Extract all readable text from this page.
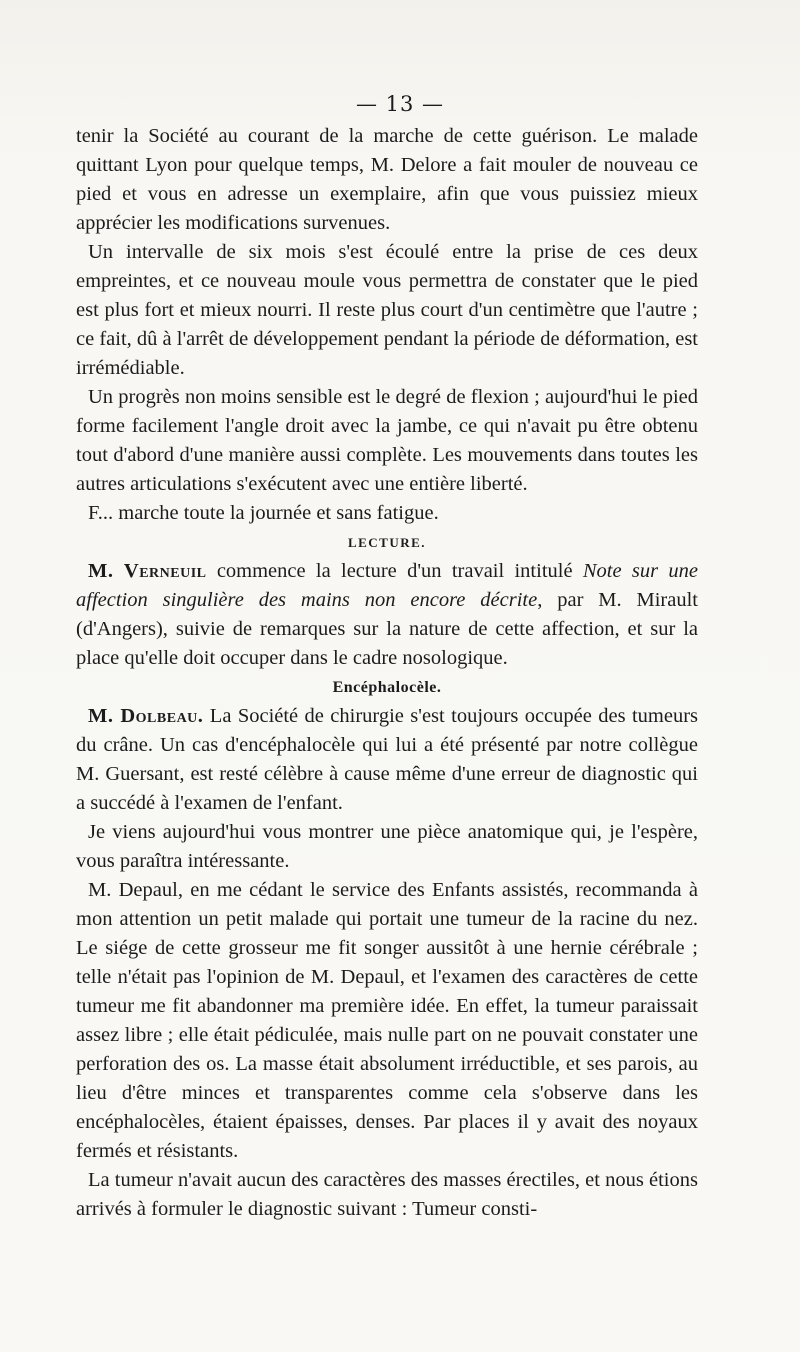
— 13 —

tenir la Société au courant de la marche de cette guérison. Le malade quittant Lyon pour quelque temps, M. Delore a fait mouler de nouveau ce pied et vous en adresse un exemplaire, afin que vous puissiez mieux apprécier les modifications survenues.

Un intervalle de six mois s'est écoulé entre la prise de ces deux empreintes, et ce nouveau moule vous permettra de constater que le pied est plus fort et mieux nourri. Il reste plus court d'un centimètre que l'autre ; ce fait, dû à l'arrêt de développement pendant la période de déformation, est irrémédiable.

Un progrès non moins sensible est le degré de flexion ; aujourd'hui le pied forme facilement l'angle droit avec la jambe, ce qui n'avait pu être obtenu tout d'abord d'une manière aussi complète. Les mouvements dans toutes les autres articulations s'exécutent avec une entière liberté.

F... marche toute la journée et sans fatigue.

LECTURE.

M. Verneuil commence la lecture d'un travail intitulé Note sur une affection singulière des mains non encore décrite, par M. Mirault (d'Angers), suivie de remarques sur la nature de cette affection, et sur la place qu'elle doit occuper dans le cadre nosologique.

Encéphalocèle.

M. Dolbeau. La Société de chirurgie s'est toujours occupée des tumeurs du crâne. Un cas d'encéphalocèle qui lui a été présenté par notre collègue M. Guersant, est resté célèbre à cause même d'une erreur de diagnostic qui a succédé à l'examen de l'enfant.

Je viens aujourd'hui vous montrer une pièce anatomique qui, je l'espère, vous paraîtra intéressante.

M. Depaul, en me cédant le service des Enfants assistés, recommanda à mon attention un petit malade qui portait une tumeur de la racine du nez. Le siége de cette grosseur me fit songer aussitôt à une hernie cérébrale ; telle n'était pas l'opinion de M. Depaul, et l'examen des caractères de cette tumeur me fit abandonner ma première idée. En effet, la tumeur paraissait assez libre ; elle était pédiculée, mais nulle part on ne pouvait constater une perforation des os. La masse était absolument irréductible, et ses parois, au lieu d'être minces et transparentes comme cela s'observe dans les encéphalocèles, étaient épaisses, denses. Par places il y avait des noyaux fermés et résistants.

La tumeur n'avait aucun des caractères des masses érectiles, et nous étions arrivés à formuler le diagnostic suivant : Tumeur consti-
